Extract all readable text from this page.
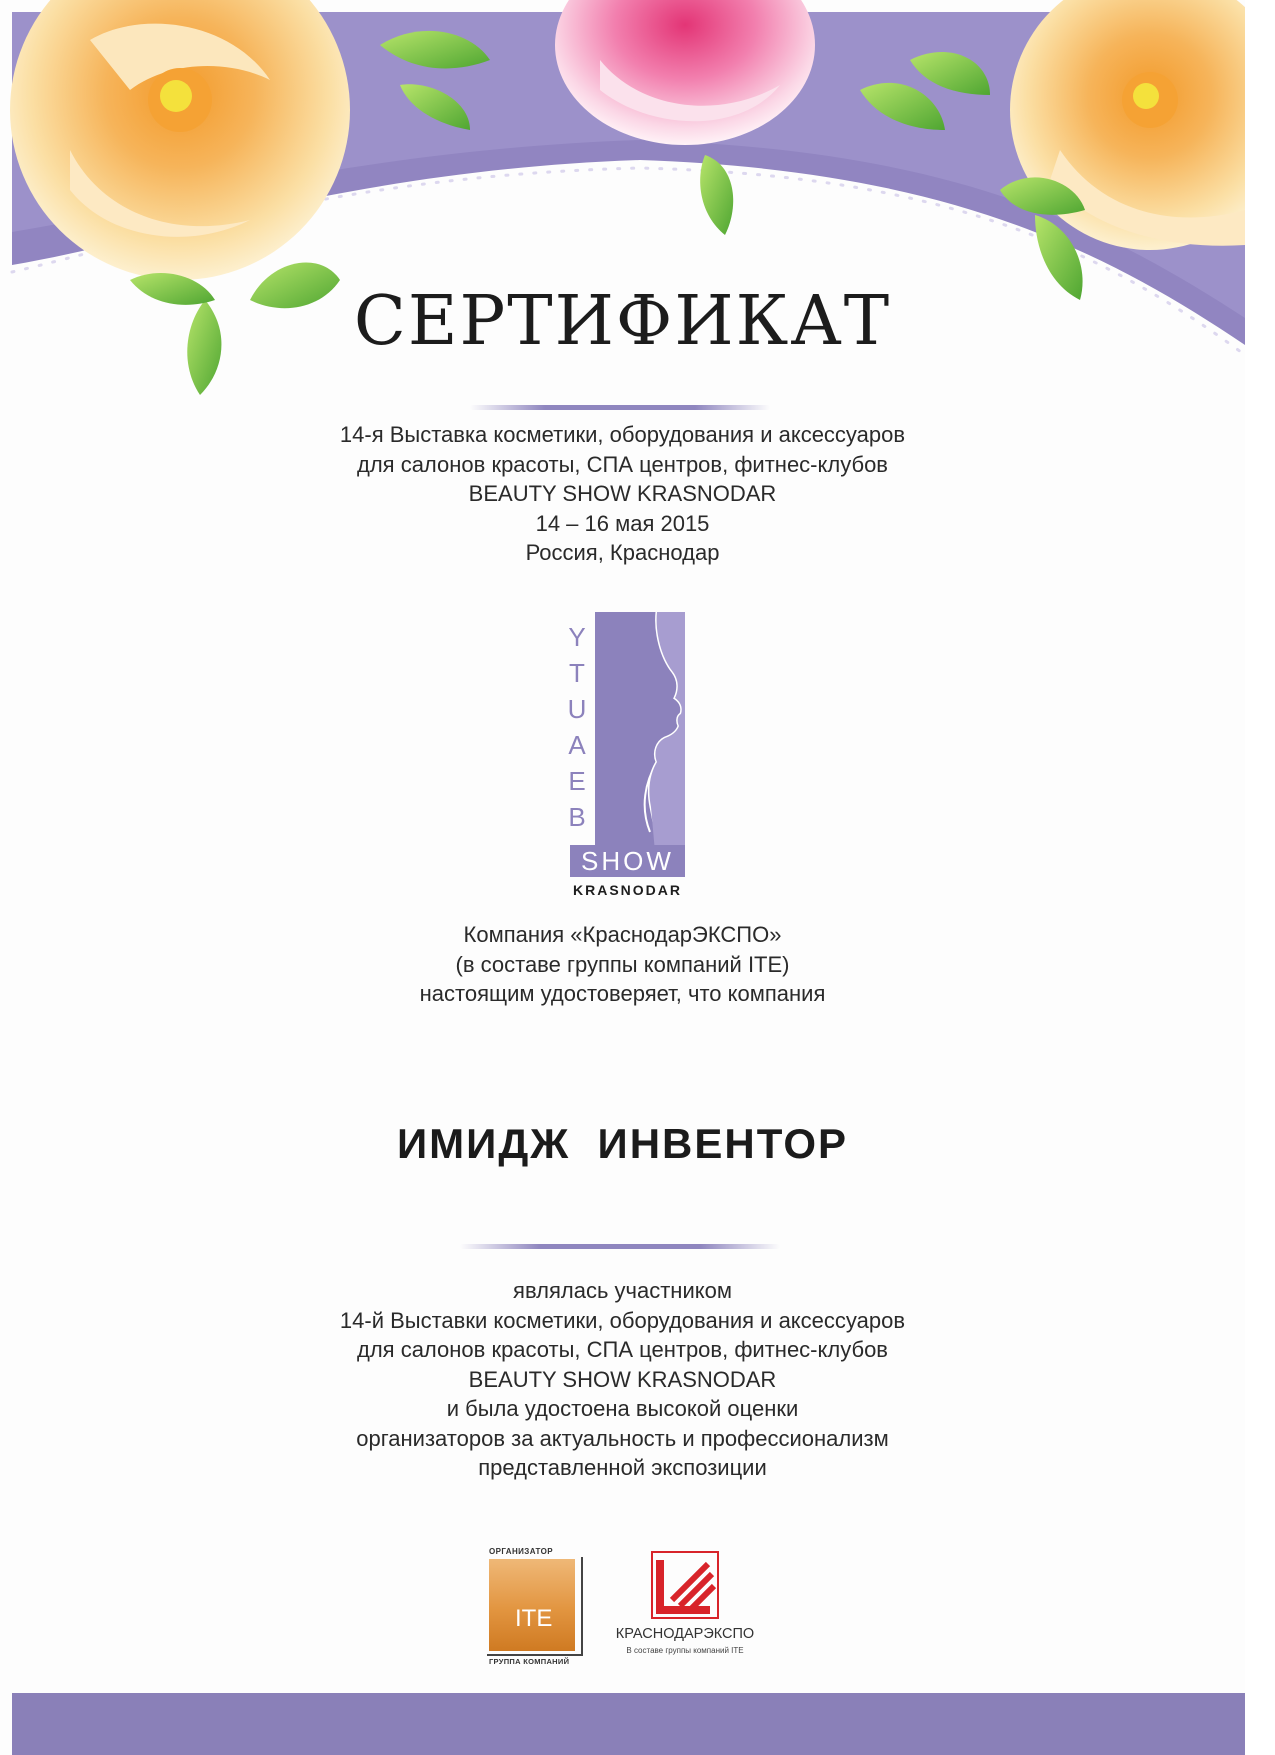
СЕРТИФИКАТ
14-я Выставка косметики, оборудования и аксессуаров
для салонов красоты, СПА центров, фитнес-клубов
BEAUTY SHOW KRASNODAR
14 – 16 мая 2015
Россия, Краснодар
Y
T
U
A
E
B
SHOW
KRASNODAR
Компания «КраснодарЭКСПО»
(в составе группы компаний ITE)
настоящим удостоверяет, что компания
ИМИДЖ  ИНВЕНТОР
являлась участником
14-й Выставки косметики, оборудования и аксессуаров
для салонов красоты, СПА центров, фитнес-клубов
BEAUTY SHOW KRASNODAR
и была удостоена высокой оценки
организаторов за актуальность и профессионализм
представленной экспозиции
ОРГАНИЗАТОР
ITE
ГРУППА КОМПАНИЙ
КРАСНОДАРЭКСПО
В составе группы компаний ITE
